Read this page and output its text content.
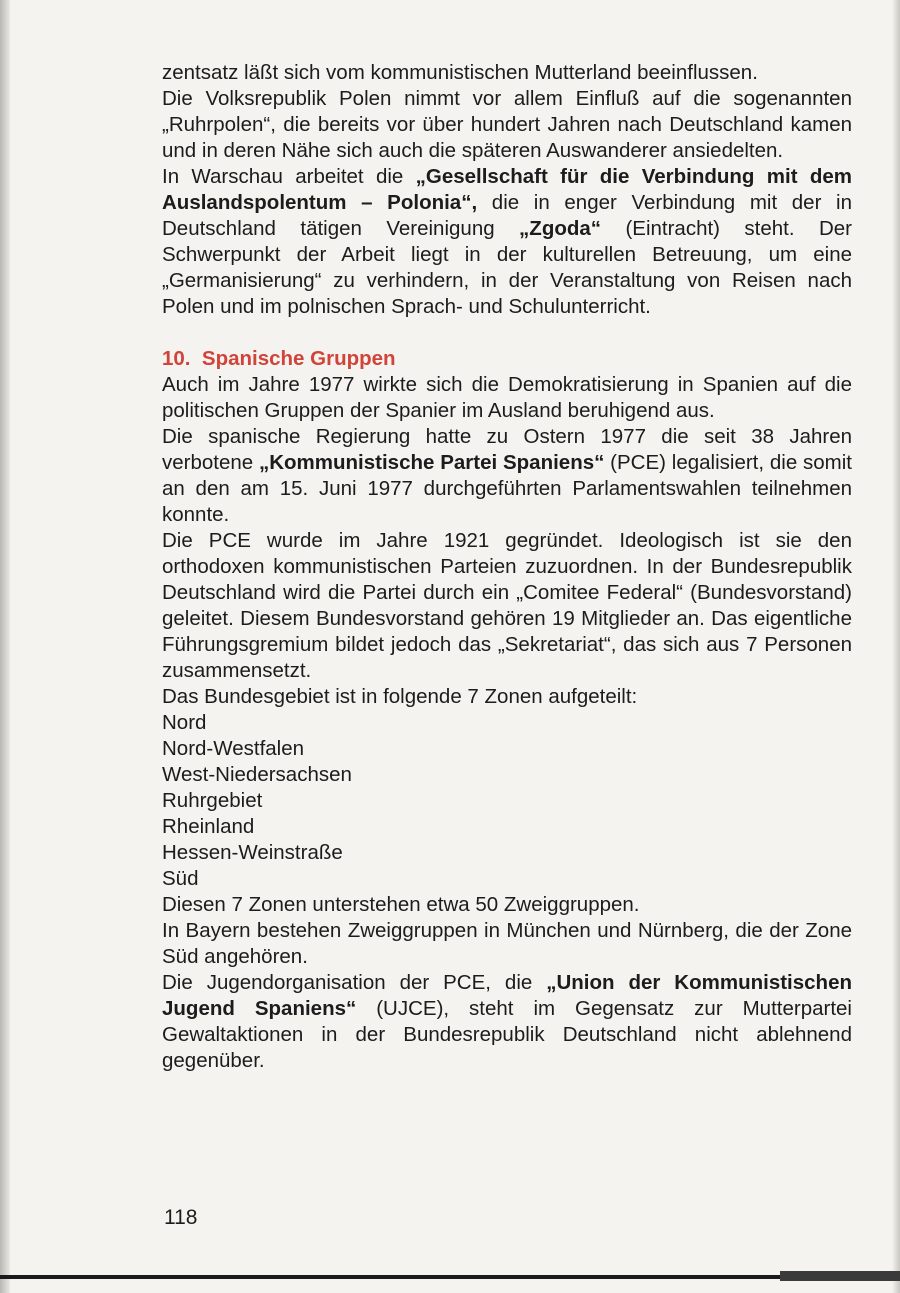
zentsatz läßt sich vom kommunistischen Mutterland beeinflussen.

Die Volksrepublik Polen nimmt vor allem Einfluß auf die sogenannten „Ruhrpolen“, die bereits vor über hundert Jahren nach Deutschland kamen und in deren Nähe sich auch die späteren Auswanderer ansiedelten.

In Warschau arbeitet die „Gesellschaft für die Verbindung mit dem Auslandspolentum – Polonia“, die in enger Verbindung mit der in Deutschland tätigen Vereinigung „Zgoda“ (Eintracht) steht. Der Schwerpunkt der Arbeit liegt in der kulturellen Betreuung, um eine „Germanisierung“ zu verhindern, in der Veranstaltung von Reisen nach Polen und im polnischen Sprach- und Schulunterricht.

10. Spanische Gruppen

Auch im Jahre 1977 wirkte sich die Demokratisierung in Spanien auf die politischen Gruppen der Spanier im Ausland beruhigend aus.

Die spanische Regierung hatte zu Ostern 1977 die seit 38 Jahren verbotene „Kommunistische Partei Spaniens“ (PCE) legalisiert, die somit an den am 15. Juni 1977 durchgeführten Parlamentswahlen teilnehmen konnte.

Die PCE wurde im Jahre 1921 gegründet. Ideologisch ist sie den orthodoxen kommunistischen Parteien zuzuordnen. In der Bundesrepublik Deutschland wird die Partei durch ein „Comitee Federal“ (Bundesvorstand) geleitet. Diesem Bundesvorstand gehören 19 Mitglieder an. Das eigentliche Führungsgremium bildet jedoch das „Sekretariat“, das sich aus 7 Personen zusammensetzt.

Das Bundesgebiet ist in folgende 7 Zonen aufgeteilt:

Nord

Nord-Westfalen

West-Niedersachsen

Ruhrgebiet

Rheinland

Hessen-Weinstraße

Süd

Diesen 7 Zonen unterstehen etwa 50 Zweiggruppen.

In Bayern bestehen Zweiggruppen in München und Nürnberg, die der Zone Süd angehören.

Die Jugendorganisation der PCE, die „Union der Kommunistischen Jugend Spaniens“ (UJCE), steht im Gegensatz zur Mutterpartei Gewaltaktionen in der Bundesrepublik Deutschland nicht ablehnend gegenüber.

118
